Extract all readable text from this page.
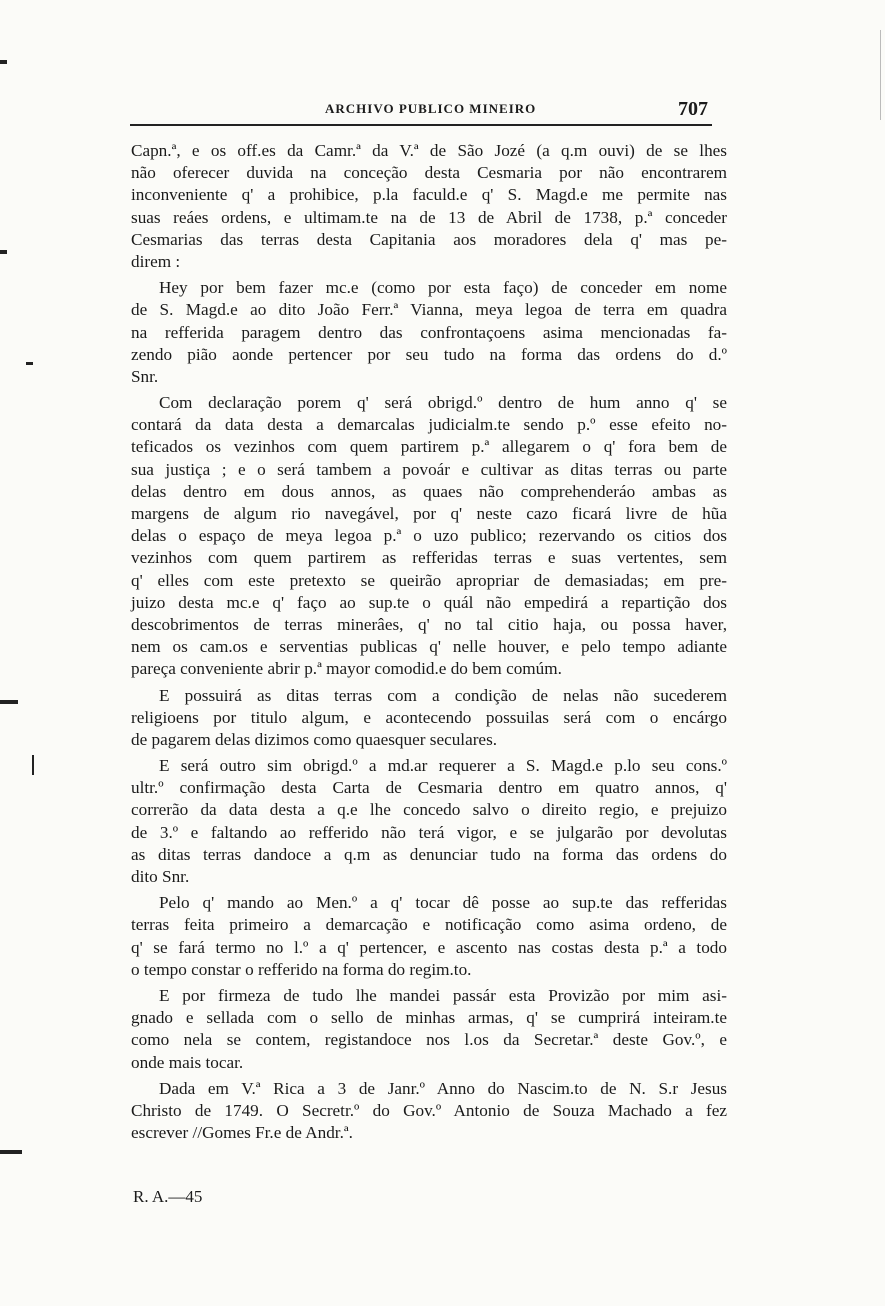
ARCHIVO PUBLICO MINEIRO	707
Capn.ª, e os off.es da Camr.ª da V.ª de São Jozé (a q.m ouvi) de se lhes
não oferecer duvida na conceção desta Cesmaria por não encontrarem
inconveniente q' a prohibice, p.la faculd.e q' S. Magd.e me permite nas
suas reáes ordens, e ultimam.te na de 13 de Abril de 1738, p.ª conceder
Cesmarias das terras desta Capitania aos moradores dela q' mas pe-
direm :
Hey por bem fazer mc.e (como por esta faço) de conceder em nome
de S. Magd.e ao dito João Ferr.ª Vianna, meya legoa de terra em quadra
na refferida paragem dentro das confrontaçoens asima mencionadas fa-
zendo pião aonde pertencer por seu tudo na forma das ordens do d.º
Snr.
Com declaração porem q' será obrigd.º dentro de hum anno q' se
contará da data desta a demarcalas judicialm.te sendo p.º esse efeito no-
teficados os vezinhos com quem partirem p.ª allegarem o q' fora bem de
sua justiça ; e o será tambem a povoár e cultivar as ditas terras ou parte
delas dentro em dous annos, as quaes não comprehenderáo ambas as
margens de algum rio navegável, por q' neste cazo ficará livre de hũa
delas o espaço de meya legoa p.ª o uzo publico; rezervando os citios dos
vezinhos com quem partirem as refferidas terras e suas vertentes, sem
q' elles com este pretexto se queirão apropriar de demasiadas; em pre-
juizo desta mc.e q' faço ao sup.te o quál não empedirá a repartição dos
descobrimentos de terras minerâes, q' no tal citio haja, ou possa haver,
nem os cam.os e serventias publicas q' nelle houver, e pelo tempo adiante
pareça conveniente abrir p.ª mayor comodid.e do bem comúm.
E possuirá as ditas terras com a condição de nelas não sucederem
religioens por titulo algum, e acontecendo possuilas será com o encárgo
de pagarem delas dizimos como quaesquer seculares.
E será outro sim obrigd.º a md.ar requerer a S. Magd.e p.lo seu cons.º
ultr.º confirmação desta Carta de Cesmaria dentro em quatro annos, q'
correrão da data desta a q.e lhe concedo salvo o direito regio, e prejuizo
de 3.º e faltando ao refferido não terá vigor, e se julgarão por devolutas
as ditas terras dandoce a q.m as denunciar tudo na forma das ordens do
dito Snr.
Pelo q' mando ao Men.º a q' tocar dê posse ao sup.te das refferidas
terras feita primeiro a demarcação e notificação como asima ordeno, de
q' se fará termo no l.º a q' pertencer, e ascento nas costas desta p.ª a todo
o tempo constar o refferido na forma do regim.to.
E por firmeza de tudo lhe mandei passár esta Provizão por mim asi-
gnado e sellada com o sello de minhas armas, q' se cumprirá inteiram.te
como nela se contem, registandoce nos l.os da Secretar.ª deste Gov.º, e
onde mais tocar.
Dada em V.ª Rica a 3 de Janr.º Anno do Nascim.to de N. S.r Jesus
Christo de 1749. O Secretr.º do Gov.º Antonio de Souza Machado a fez
escrever //Gomes Fr.e de Andr.ª.
R. A.—45
